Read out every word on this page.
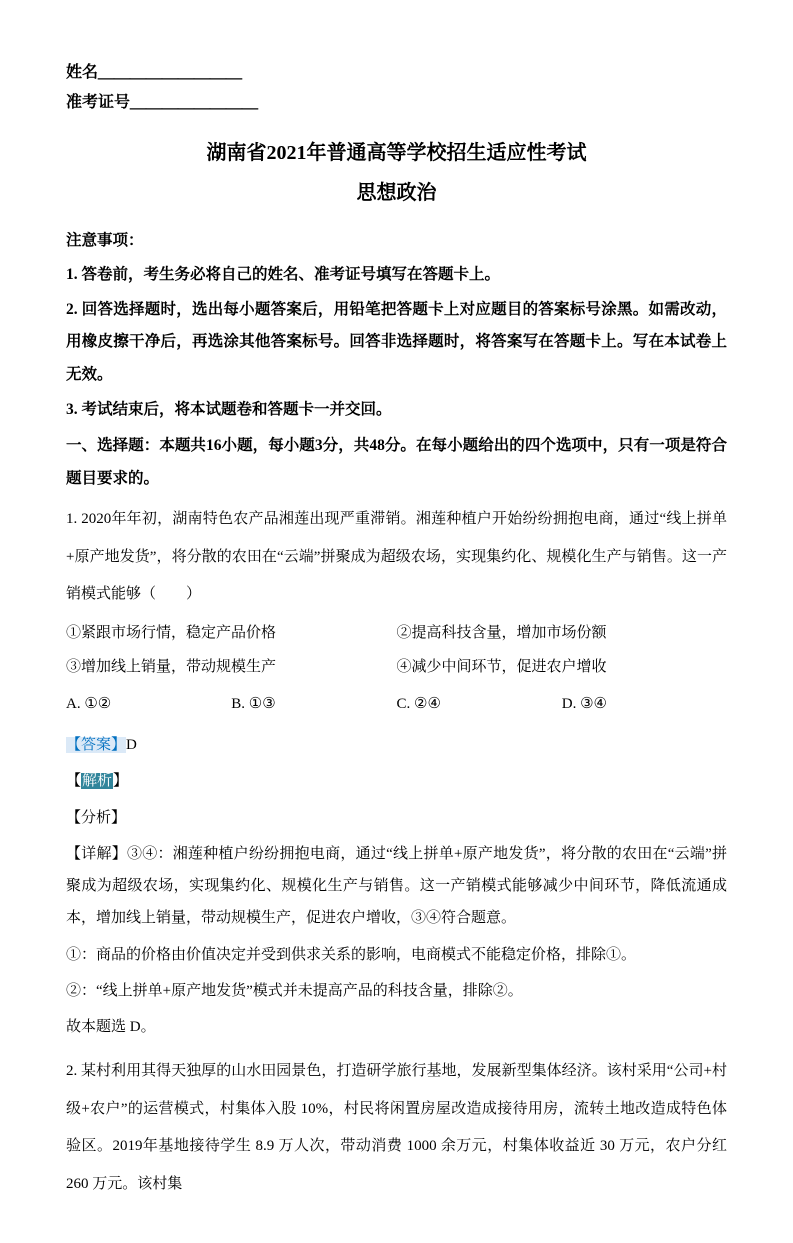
姓名＿＿＿＿＿＿＿＿＿

准考证号＿＿＿＿＿＿＿＿

湖南省2021年普通高等学校招生适应性考试
思想政治

注意事项：

1. 答卷前，考生务必将自己的姓名、准考证号填写在答题卡上。

2. 回答选择题时，选出每小题答案后，用铅笔把答题卡上对应题目的答案标号涂黑。如需改动，用橡皮擦干净后，再选涂其他答案标号。回答非选择题时，将答案写在答题卡上。写在本试卷上无效。

3. 考试结束后，将本试题卷和答题卡一并交回。

一、选择题：本题共16小题，每小题3分，共48分。在每小题给出的四个选项中，只有一项是符合题目要求的。

1. 2020年年初，湖南特色农产品湘莲出现严重滞销。湘莲种植户开始纷纷拥抱电商，通过“线上拼单+原产地发货”，将分散的农田在“云端”拼聚成为超级农场，实现集约化、规模化生产与销售。这一产销模式能够（　　）

①紧跟市场行情，稳定产品价格	②提高科技含量，增加市场份额
③增加线上销量，带动规模生产	④减少中间环节，促进农户增收
A. ①②	B. ①③	C. ②④	D. ③④

【答案】D

【解析】

【分析】

【详解】③④：湘莲种植户纷纷拥抱电商，通过“线上拼单+原产地发货”，将分散的农田在“云端”拼聚成为超级农场，实现集约化、规模化生产与销售。这一产销模式能够减少中间环节，降低流通成本，增加线上销量，带动规模生产，促进农户增收，③④符合题意。

①：商品的价格由价值决定并受到供求关系的影响，电商模式不能稳定价格，排除①。

②：“线上拼单+原产地发货”模式并未提高产品的科技含量，排除②。

故本题选 D。

2. 某村利用其得天独厚的山水田园景色，打造研学旅行基地，发展新型集体经济。该村采用“公司+村级+农户”的运营模式，村集体入股 10%，村民将闲置房屋改造成接待用房，流转土地改造成特色体验区。2019年基地接待学生 8.9 万人次，带动消费 1000 余万元，村集体收益近 30 万元，农户分红 260 万元。该村集
